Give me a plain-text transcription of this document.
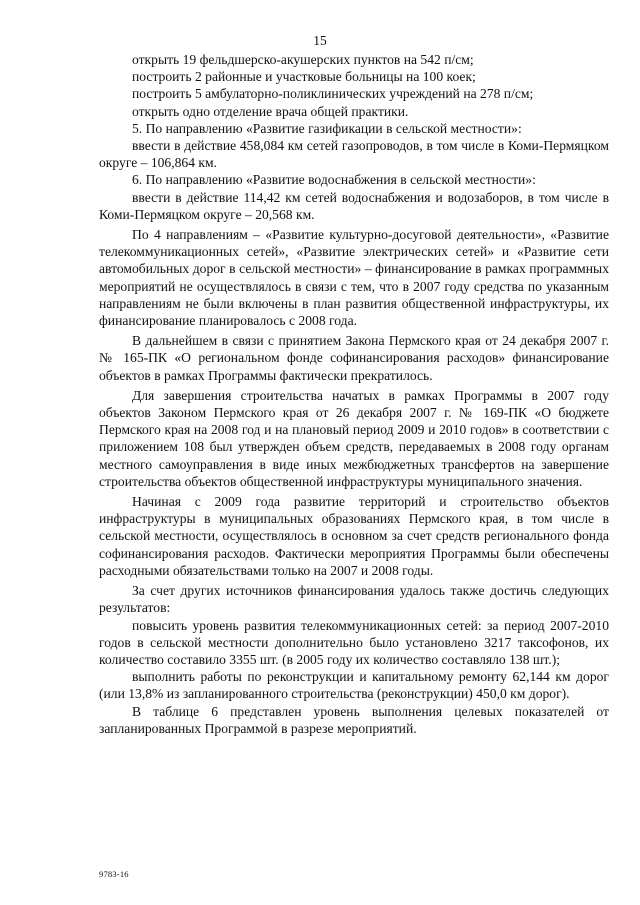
15

открыть 19 фельдшерско-акушерских пунктов на 542 п/см;

построить 2 районные и участковые больницы на 100 коек;

построить 5 амбулаторно-поликлинических учреждений на 278 п/см;

открыть одно отделение врача общей практики.

5. По направлению «Развитие газификации в сельской местности»:

ввести в действие 458,084 км сетей газопроводов, в том числе в Коми-Пермяцком округе – 106,864 км.

6. По направлению «Развитие водоснабжения в сельской местности»:

ввести в действие 114,42 км сетей водоснабжения и водозаборов, в том числе в Коми-Пермяцком округе – 20,568 км.

По 4 направлениям – «Развитие культурно-досуговой деятельности», «Развитие телекоммуникационных сетей», «Развитие электрических сетей» и «Развитие сети автомобильных дорог в сельской местности» – финансирование в рамках программных мероприятий не осуществлялось в связи с тем, что в 2007 году средства по указанным направлениям не были включены в план развития общественной инфраструктуры, их финансирование планировалось с 2008 года.

В дальнейшем в связи с принятием Закона Пермского края от 24 декабря 2007 г. № 165-ПК «О региональном фонде софинансирования расходов» финансирование объектов в рамках Программы фактически прекратилось.

Для завершения строительства начатых в рамках Программы в 2007 году объектов Законом Пермского края от 26 декабря 2007 г. № 169-ПК «О бюджете Пермского края на 2008 год и на плановый период 2009 и 2010 годов» в соответствии с приложением 108 был утвержден объем средств, передаваемых в 2008 году органам местного самоуправления в виде иных межбюджетных трансфертов на завершение строительства объектов общественной инфраструктуры муниципального значения.

Начиная с 2009 года развитие территорий и строительство объектов инфраструктуры в муниципальных образованиях Пермского края, в том числе в сельской местности, осуществлялось в основном за счет средств регионального фонда софинансирования расходов. Фактически мероприятия Программы были обеспечены расходными обязательствами только на 2007 и 2008 годы.

За счет других источников финансирования удалось также достичь следующих результатов:

повысить уровень развития телекоммуникационных сетей: за период 2007-2010 годов в сельской местности дополнительно было установлено 3217 таксофонов, их количество составило 3355 шт. (в 2005 году их количество составляло 138 шт.);

выполнить работы по реконструкции и капитальному ремонту 62,144 км дорог (или 13,8% из запланированного строительства (реконструкции) 450,0 км дорог).

В таблице 6 представлен уровень выполнения целевых показателей от запланированных Программой в разрезе мероприятий.

9783-16
